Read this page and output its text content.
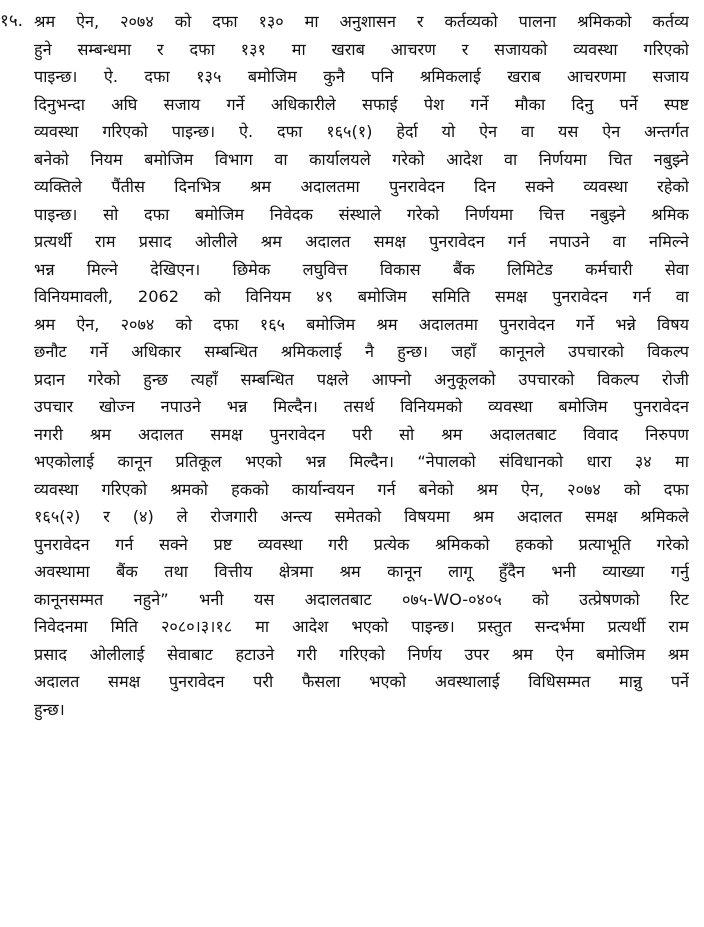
१५. श्रम ऐन, २०७४ को दफा १३० मा अनुशासन र कर्तव्यको पालना श्रमिकको कर्तव्य
हुने सम्बन्धमा र दफा १३१ मा खराब आचरण र सजायको व्यवस्था गरिएको
पाइन्छ। ऐ. दफा १३५ बमोजिम कुनै पनि श्रमिकलाई खराब आचरणमा सजाय
दिनुभन्दा अघि सजाय गर्ने अधिकारीले सफाई पेश गर्ने मौका दिनु पर्ने स्पष्ट
व्यवस्था गरिएको पाइन्छ। ऐ. दफा १६५(१) हेर्दा यो ऐन वा यस ऐन अन्तर्गत
बनेको नियम बमोजिम विभाग वा कार्यालयले गरेको आदेश वा निर्णयमा चित नबुझ्ने
व्यक्तिले पैंतीस दिनभित्र श्रम अदालतमा पुनरावेदन दिन सक्ने व्यवस्था रहेको
पाइन्छ। सो दफा बमोजिम निवेदक संस्थाले गरेको निर्णयमा चित्त नबुझ्ने श्रमिक
प्रत्यर्थी राम प्रसाद ओलीले श्रम अदालत समक्ष पुनरावेदन गर्न नपाउने वा नमिल्ने
भन्न मिल्ने देखिएन। छिमेक लघुवित्त विकास बैंक लिमिटेड कर्मचारी सेवा
विनियमावली, 2062 को विनियम ४९ बमोजिम समिति समक्ष पुनरावेदन गर्न वा
श्रम ऐन, २०७४ को दफा १६५ बमोजिम श्रम अदालतमा पुनरावेदन गर्ने भन्ने विषय
छनौट गर्ने अधिकार सम्बन्धित श्रमिकलाई नै हुन्छ। जहाँ कानूनले उपचारको विकल्प
प्रदान गरेको हुन्छ त्यहाँ सम्बन्धित पक्षले आफ्नो अनुकूलको उपचारको विकल्प रोजी
उपचार खोज्न नपाउने भन्न मिल्दैन। तसर्थ विनियमको व्यवस्था बमोजिम पुनरावेदन
नगरी श्रम अदालत समक्ष पुनरावेदन परी सो श्रम अदालतबाट विवाद निरुपण
भएकोलाई कानून प्रतिकूल भएको भन्न मिल्दैन। “नेपालको संविधानको धारा ३४ मा
व्यवस्था गरिएको श्रमको हकको कार्यान्वयन गर्न बनेको श्रम ऐन, २०७४ को दफा
१६५(२) र (४) ले रोजगारी अन्त्य समेतको विषयमा श्रम अदालत समक्ष श्रमिकले
पुनरावेदन गर्न सक्ने प्रष्ट व्यवस्था गरी प्रत्येक श्रमिकको हकको प्रत्याभूति गरेको
अवस्थामा बैंक तथा वित्तीय क्षेत्रमा श्रम कानून लागू हुँदैन भनी व्याख्या गर्नु
कानूनसम्मत नहुने” भनी यस अदालतबाट ०७५-WO-०४०५ को उत्प्रेषणको रिट
निवेदनमा मिति २०८०।३।१८ मा आदेश भएको पाइन्छ। प्रस्तुत सन्दर्भमा प्रत्यर्थी राम
प्रसाद ओलीलाई सेवाबाट हटाउने गरी गरिएको निर्णय उपर श्रम ऐन बमोजिम श्रम
अदालत समक्ष पुनरावेदन परी फैसला भएको अवस्थालाई विधिसम्मत मान्नु पर्ने
हुन्छ।
